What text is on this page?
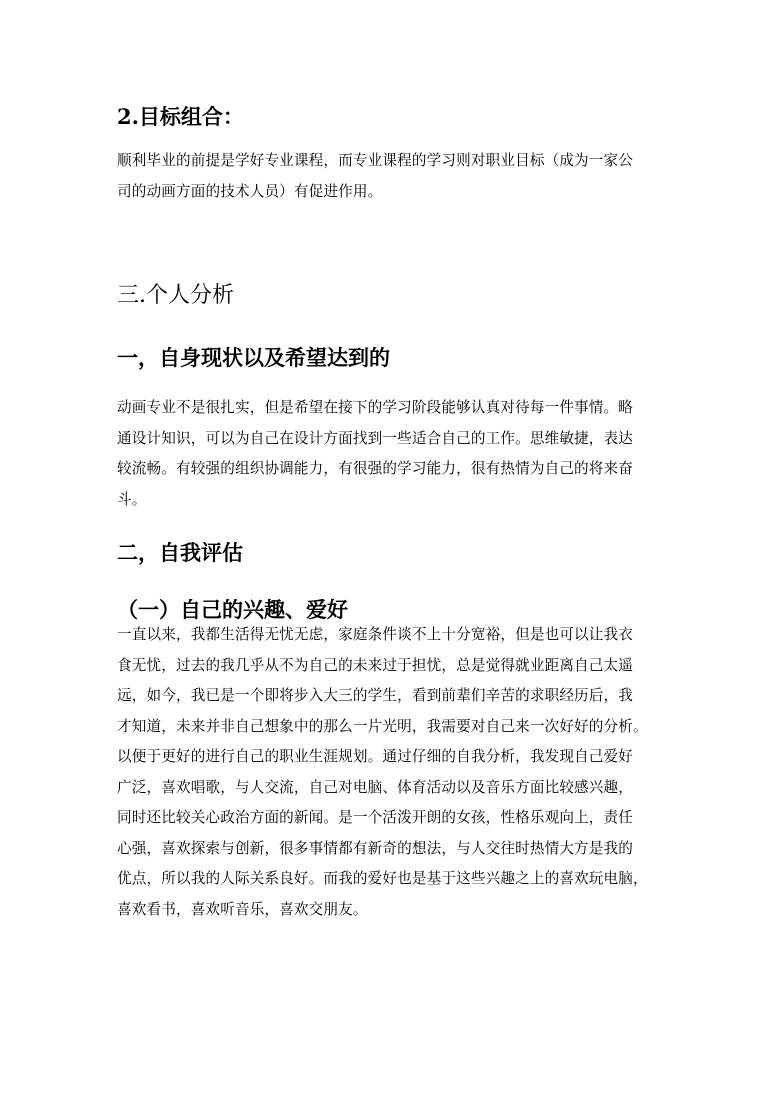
2.目标组合：
顺利毕业的前提是学好专业课程，而专业课程的学习则对职业目标（成为一家公
司的动画方面的技术人员）有促进作用。
三.个人分析
一，自身现状以及希望达到的
动画专业不是很扎实，但是希望在接下的学习阶段能够认真对待每一件事情。略
通设计知识，可以为自己在设计方面找到一些适合自己的工作。思维敏捷，表达
较流畅。有较强的组织协调能力，有很强的学习能力，很有热情为自己的将来奋
斗。
二，自我评估
（一）自己的兴趣、爱好
一直以来，我都生活得无忧无虑，家庭条件谈不上十分宽裕，但是也可以让我衣
食无忧，过去的我几乎从不为自己的未来过于担忧，总是觉得就业距离自己太遥
远，如今，我已是一个即将步入大三的学生，看到前辈们辛苦的求职经历后，我
才知道，未来并非自己想象中的那么一片光明，我需要对自己来一次好好的分析。
以便于更好的进行自己的职业生涯规划。通过仔细的自我分析，我发现自己爱好
广泛，喜欢唱歌，与人交流，自己对电脑、体育活动以及音乐方面比较感兴趣，
同时还比较关心政治方面的新闻。是一个活泼开朗的女孩，性格乐观向上，责任
心强，喜欢探索与创新，很多事情都有新奇的想法，与人交往时热情大方是我的
优点，所以我的人际关系良好。而我的爱好也是基于这些兴趣之上的喜欢玩电脑，
喜欢看书，喜欢听音乐，喜欢交朋友。
